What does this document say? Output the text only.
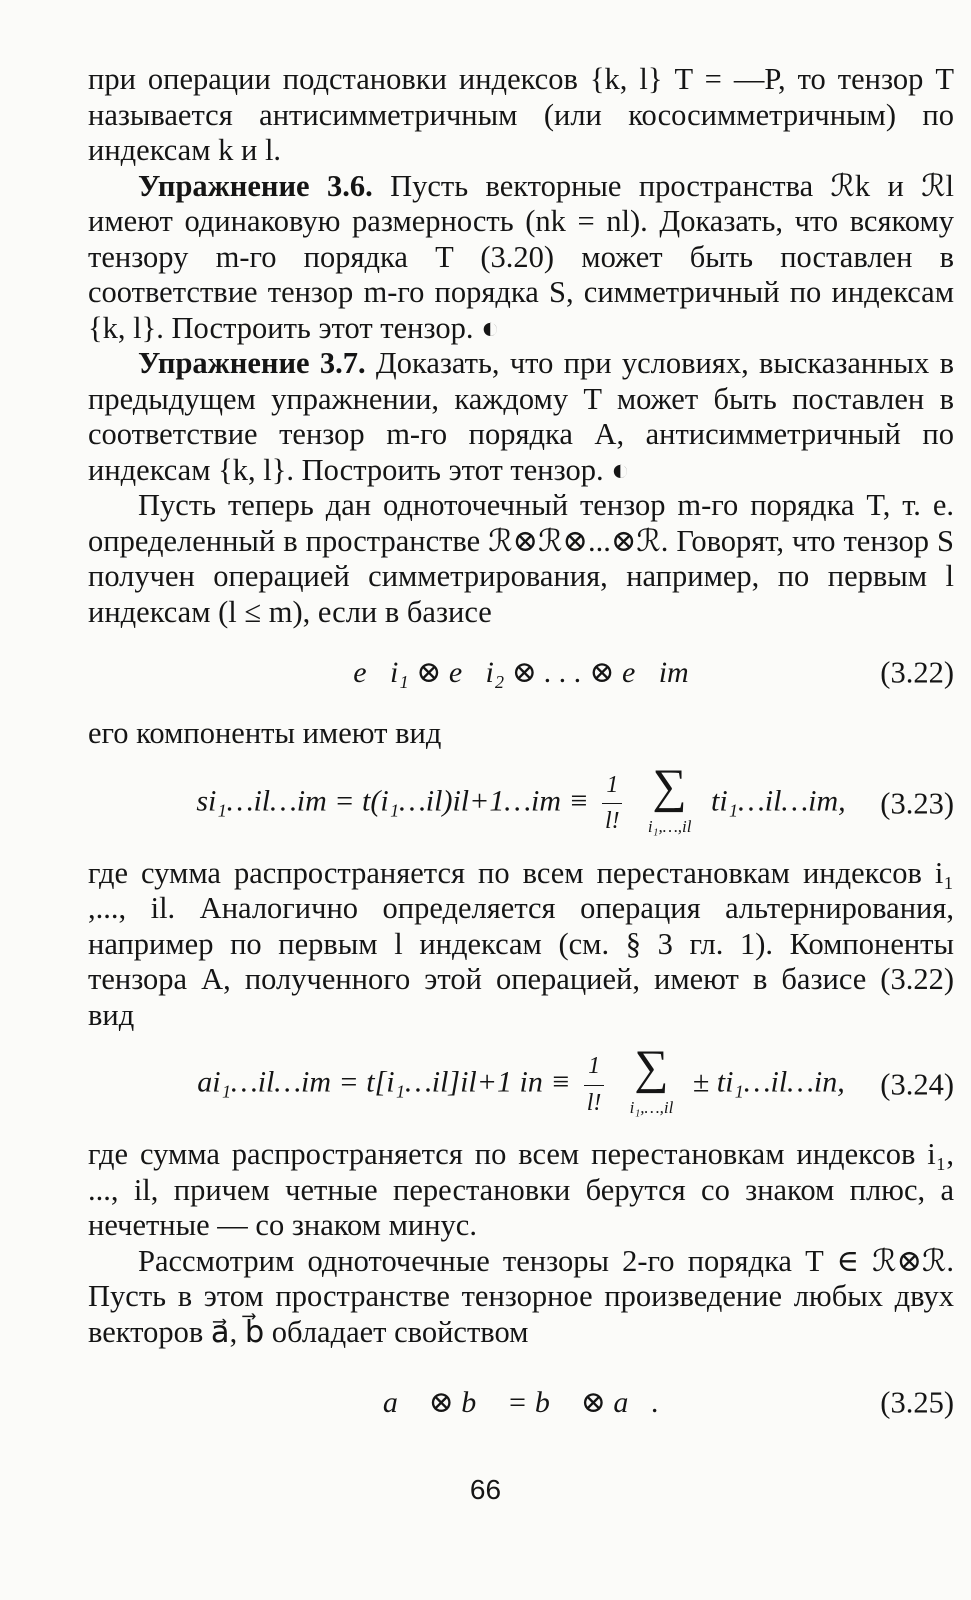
при операции подстановки индексов {k, l} T = —P, то тензор T называется антисимметричным (или кососимметричным) по индексам k и l.

Упражнение 3.6. Пусть векторные пространства ℛk и ℛl имеют одинаковую размерность (nk = nl). Доказать, что всякому тензору m-го порядка T (3.20) может быть поставлен в соответствие тензор m-го порядка S, симметричный по индексам {k, l}. Построить этот тензор. ◐

Упражнение 3.7. Доказать, что при условиях, высказанных в предыдущем упражнении, каждому T может быть поставлен в соответствие тензор m-го порядка A, антисимметричный по индексам {k, l}. Построить этот тензор. ◐

Пусть теперь дан одноточечный тензор m-го порядка T, т. е. определенный в пространстве ℛ⊗ℛ⊗...⊗ℛ. Говорят, что тензор S получен операцией симметрирования, например, по первым l индексам (l ≤ m), если в базисе

e⃗i₁ ⊗ e⃗i₂ ⊗ . . . ⊗ e⃗im	(3.22)

его компоненты имеют вид

si₁…il…im = t(i₁…il)il+1…im ≡ $\frac{1}{l!}$
∑
i₁,…,il
ti₁…il…im, (3.23)

где сумма распространяется по всем перестановкам индексов i₁ ,..., il. Аналогично определяется операция альтернирования, например по первым l индексам (см. § 3 гл. 1). Компоненты тензора A, полученного этой операцией, имеют в базисе (3.22) вид

ai₁…il…im = t[i₁…il]il+1 in ≡ $\frac{1}{l!}$
∑
i₁,…,il
± ti₁…il…in, (3.24)

где сумма распространяется по всем перестановкам индексов i₁, ..., il, причем четные перестановки берутся со знаком плюс, а нечетные — со знаком минус.

Рассмотрим одноточечные тензоры 2-го порядка T ∈ ℛ⊗ℛ. Пусть в этом пространстве тензорное произведение любых двух векторов a⃗, b⃗ обладает свойством

a⃗ ⊗ b⃗ = b⃗ ⊗ a⃗.	(3.25)
66
